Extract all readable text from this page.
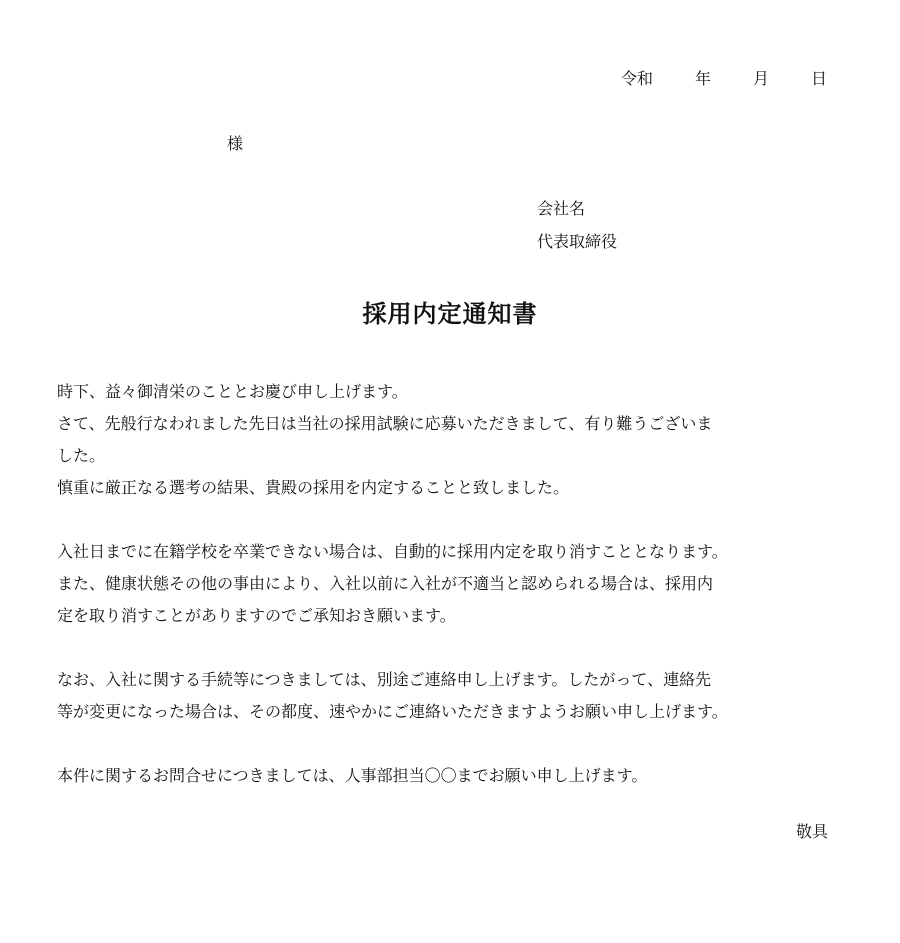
令和	年	月	日
様
会社名
代表取締役
採用内定通知書

時下、益々御清栄のこととお慶び申し上げます。

さて、先般行なわれました先日は当社の採用試験に応募いただきまして、有り難うございま

した。

慎重に厳正なる選考の結果、貴殿の採用を内定することと致しました。

入社日までに在籍学校を卒業できない場合は、自動的に採用内定を取り消すこととなります。

また、健康状態その他の事由により、入社以前に入社が不適当と認められる場合は、採用内

定を取り消すことがありますのでご承知おき願います。

なお、入社に関する手続等につきましては、別途ご連絡申し上げます。したがって、連絡先

等が変更になった場合は、その都度、速やかにご連絡いただきますようお願い申し上げます。

本件に関するお問合せにつきましては、人事部担当〇〇までお願い申し上げます。

敬具
